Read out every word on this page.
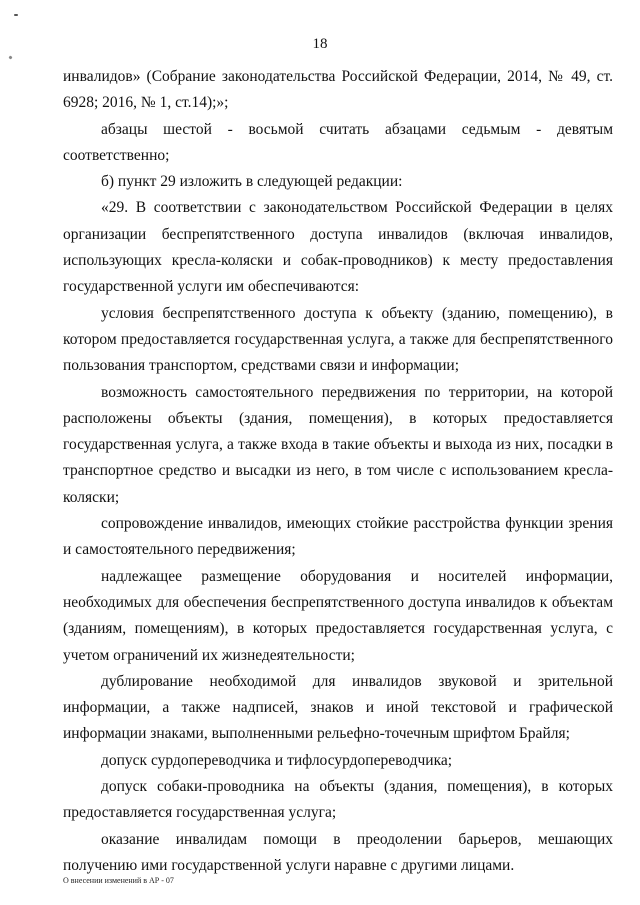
18

инвалидов» (Собрание законодательства Российской Федерации, 2014, № 49, ст. 6928; 2016, № 1, ст.14);»;

абзацы шестой - восьмой считать абзацами седьмым - девятым соответственно;

б) пункт 29 изложить в следующей редакции:

«29. В соответствии с законодательством Российской Федерации в целях организации беспрепятственного доступа инвалидов (включая инвалидов, использующих кресла-коляски и собак-проводников) к месту предоставления государственной услуги им обеспечиваются:

условия беспрепятственного доступа к объекту (зданию, помещению), в котором предоставляется государственная услуга, а также для беспрепятственного пользования транспортом, средствами связи и информации;

возможность самостоятельного передвижения по территории, на которой расположены объекты (здания, помещения), в которых предоставляется государственная услуга, а также входа в такие объекты и выхода из них, посадки в транспортное средство и высадки из него, в том числе с использованием кресла-коляски;

сопровождение инвалидов, имеющих стойкие расстройства функции зрения и самостоятельного передвижения;

надлежащее размещение оборудования и носителей информации, необходимых для обеспечения беспрепятственного доступа инвалидов к объектам (зданиям, помещениям), в которых предоставляется государственная услуга, с учетом ограничений их жизнедеятельности;

дублирование необходимой для инвалидов звуковой и зрительной информации, а также надписей, знаков и иной текстовой и графической информации знаками, выполненными рельефно-точечным шрифтом Брайля;

допуск сурдопереводчика и тифлосурдопереводчика;

допуск собаки-проводника на объекты (здания, помещения), в которых предоставляется государственная услуга;

оказание инвалидам помощи в преодолении барьеров, мешающих получению ими государственной услуги наравне с другими лицами.

О внесении изменений в АР - 07
